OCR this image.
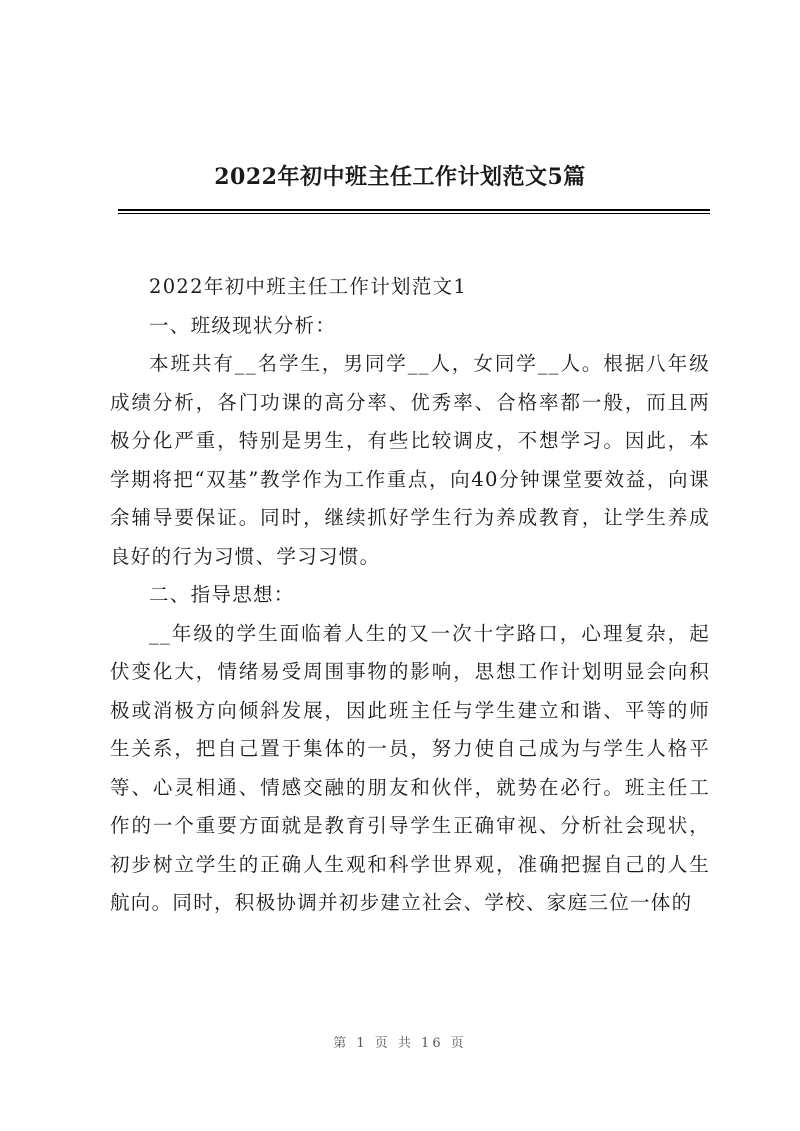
2022年初中班主任工作计划范文5篇

2022年初中班主任工作计划范文1

一、班级现状分析：

本班共有__名学生，男同学__人，女同学__人。根据八年级成绩分析，各门功课的高分率、优秀率、合格率都一般，而且两极分化严重，特别是男生，有些比较调皮，不想学习。因此，本学期将把“双基”教学作为工作重点，向40分钟课堂要效益，向课余辅导要保证。同时，继续抓好学生行为养成教育，让学生养成良好的行为习惯、学习习惯。

二、指导思想：

__年级的学生面临着人生的又一次十字路口，心理复杂，起伏变化大，情绪易受周围事物的影响，思想工作计划明显会向积极或消极方向倾斜发展，因此班主任与学生建立和谐、平等的师生关系，把自己置于集体的一员，努力使自己成为与学生人格平等、心灵相通、情感交融的朋友和伙伴，就势在必行。班主任工作的一个重要方面就是教育引导学生正确审视、分析社会现状，初步树立学生的正确人生观和科学世界观，准确把握自己的人生航向。同时，积极协调并初步建立社会、学校、家庭三位一体的

第 1 页 共 16 页
